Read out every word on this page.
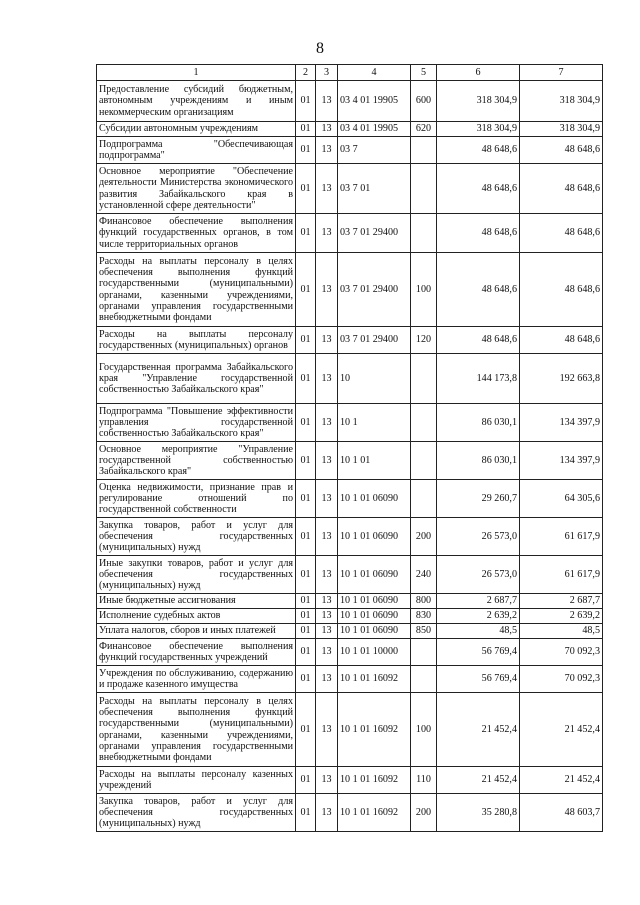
8
1	2	3	4	5	6	7
Предоставление субсидий бюджетным, автономным учреждениям и иным некоммерческим организациям	01	13	03 4 01 19905	600	318 304,9	318 304,9
Субсидии автономным учреждениям	01	13	03 4 01 19905	620	318 304,9	318 304,9
Подпрограмма "Обеспечивающая подпрограмма"	01	13	03 7		48 648,6	48 648,6
Основное мероприятие "Обеспечение деятельности Министерства экономического развития Забайкальского края в установленной сфере деятельности"	01	13	03 7 01		48 648,6	48 648,6
Финансовое обеспечение выполнения функций государственных органов, в том числе территориальных органов	01	13	03 7 01 29400		48 648,6	48 648,6
Расходы на выплаты персоналу в целях обеспечения выполнения функций государственными (муниципальными) органами, казенными учреждениями, органами управления государственными внебюджетными фондами	01	13	03 7 01 29400	100	48 648,6	48 648,6
Расходы на выплаты персоналу государственных (муниципальных) органов	01	13	03 7 01 29400	120	48 648,6	48 648,6
Государственная программа Забайкальского края "Управление государственной собственностью Забайкальского края"	01	13	10		144 173,8	192 663,8
Подпрограмма "Повышение эффективности управления государственной собственностью Забайкальского края"	01	13	10 1		86 030,1	134 397,9
Основное мероприятие "Управление государственной собственностью Забайкальского края"	01	13	10 1 01		86 030,1	134 397,9
Оценка недвижимости, признание прав и регулирование отношений по государственной собственности	01	13	10 1 01 06090		29 260,7	64 305,6
Закупка товаров, работ и услуг для обеспечения государственных (муниципальных) нужд	01	13	10 1 01 06090	200	26 573,0	61 617,9
Иные закупки товаров, работ и услуг для обеспечения государственных (муниципальных) нужд	01	13	10 1 01 06090	240	26 573,0	61 617,9
Иные бюджетные ассигнования	01	13	10 1 01 06090	800	2 687,7	2 687,7
Исполнение судебных актов	01	13	10 1 01 06090	830	2 639,2	2 639,2
Уплата налогов, сборов и иных платежей	01	13	10 1 01 06090	850	48,5	48,5
Финансовое обеспечение выполнения функций государственных учреждений	01	13	10 1 01 10000		56 769,4	70 092,3
Учреждения по обслуживанию, содержанию и продаже казенного имущества	01	13	10 1 01 16092		56 769,4	70 092,3
Расходы на выплаты персоналу в целях обеспечения выполнения функций государственными (муниципальными) органами, казенными учреждениями, органами управления государственными внебюджетными фондами	01	13	10 1 01 16092	100	21 452,4	21 452,4
Расходы на выплаты персоналу казенных учреждений	01	13	10 1 01 16092	110	21 452,4	21 452,4
Закупка товаров, работ и услуг для обеспечения государственных (муниципальных) нужд	01	13	10 1 01 16092	200	35 280,8	48 603,7
